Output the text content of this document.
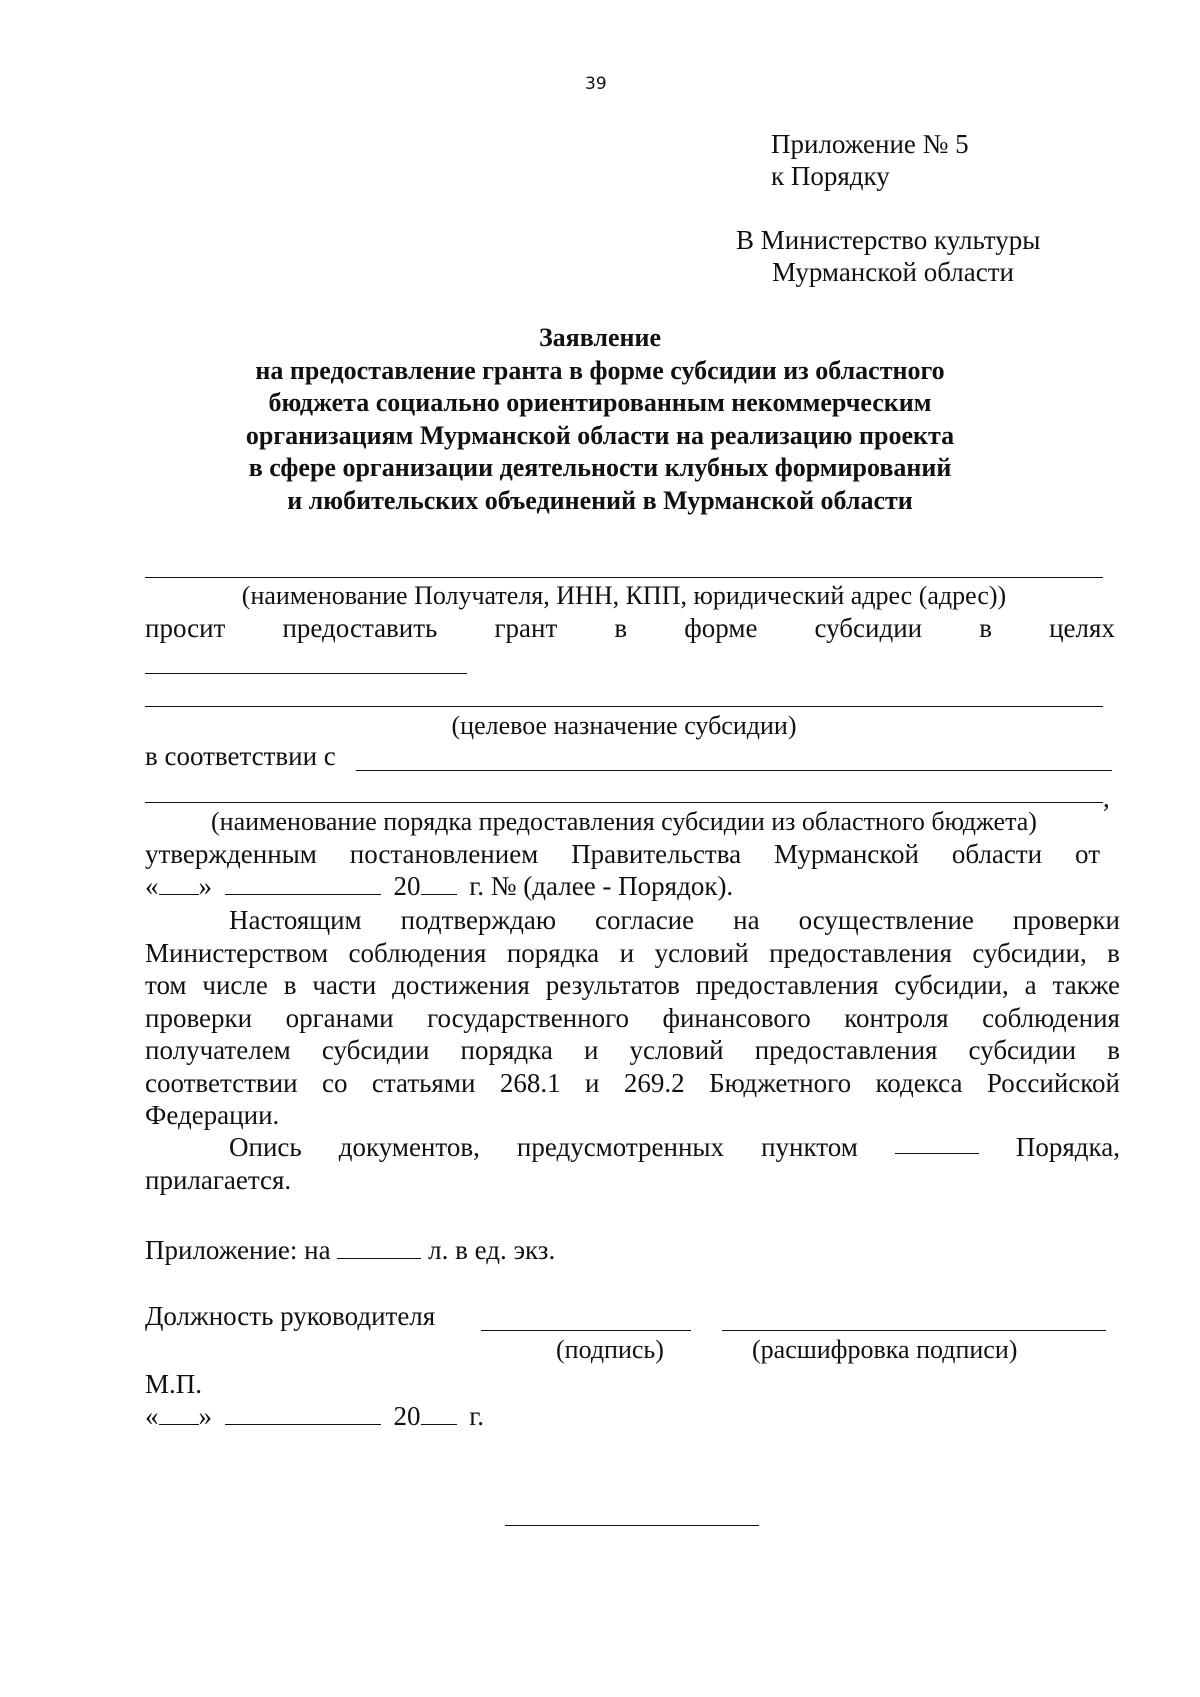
39
Приложение № 5
к Порядку
В Министерство культуры
Мурманской области
Заявление
на предоставление гранта в форме субсидии из областного
бюджета социально ориентированным некоммерческим
организациям Мурманской области на реализацию проекта
в сфере организации деятельности клубных формирований
и любительских объединений в Мурманской области
(наименование Получателя, ИНН, КПП, юридический адрес (адрес))
просит предоставить грант в форме субсидии в целях
(целевое назначение субсидии)
в соответствии с
,
(наименование порядка предоставления субсидии из областного бюджета)
утвержденным постановлением Правительства Мурманской области от
« »	20 г. № (далее - Порядок).
Настоящим подтверждаю согласие на осуществление проверки
Министерством соблюдения порядка и условий предоставления субсидии, в
том числе в части достижения результатов предоставления субсидии, а также
проверки органами государственного финансового контроля соблюдения
получателем субсидии порядка и условий предоставления субсидии в
соответствии со статьями 268.1 и 269.2 Бюджетного кодекса Российской
Федерации.
Опись документов, предусмотренных пунктом	Порядка,
прилагается.
Приложение: на	л. в ед. экз.
Должность руководителя
(подпись)	(расшифровка подписи)
М.П.
« »	20 г.
